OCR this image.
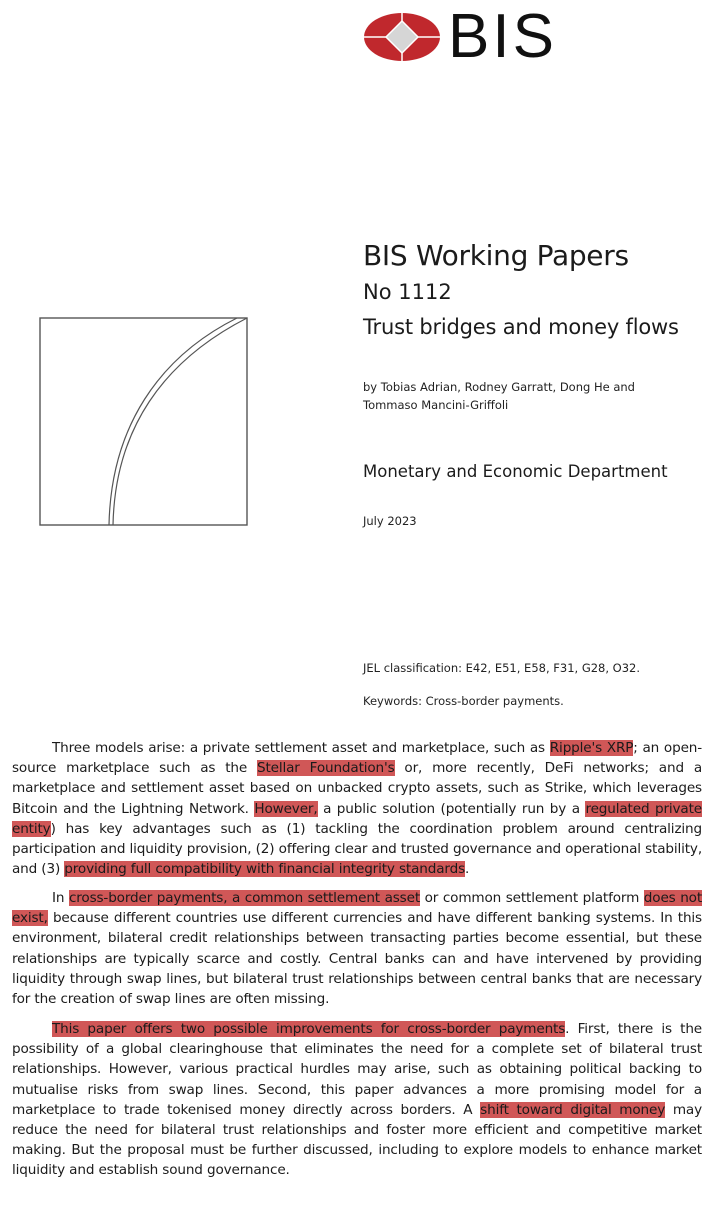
BIS
BIS Working Papers
No 1112
Trust bridges and money flows
by Tobias Adrian, Rodney Garratt, Dong He and
Tommaso Mancini-Griffoli
Monetary and Economic Department
July 2023
JEL classification: E42, E51, E58, F31, G28, O32.
Keywords: Cross-border payments.

Three models arise: a private settlement asset and marketplace, such as Ripple's XRP; an open-source marketplace such as the Stellar Foundation's or, more recently, DeFi networks; and a marketplace and settlement asset based on unbacked crypto assets, such as Strike, which leverages Bitcoin and the Lightning Network. However, a public solution (potentially run by a regulated private entity) has key advantages such as (1) tackling the coordination problem around centralizing participation and liquidity provision, (2) offering clear and trusted governance and operational stability, and (3) providing full compatibility with financial integrity standards.

In cross-border payments, a common settlement asset or common settlement platform does not exist, because different countries use different currencies and have different banking systems. In this environment, bilateral credit relationships between transacting parties become essential, but these relationships are typically scarce and costly. Central banks can and have intervened by providing liquidity through swap lines, but bilateral trust relationships between central banks that are necessary for the creation of swap lines are often missing.

This paper offers two possible improvements for cross-border payments. First, there is the possibility of a global clearinghouse that eliminates the need for a complete set of bilateral trust relationships. However, various practical hurdles may arise, such as obtaining political backing to mutualise risks from swap lines. Second, this paper advances a more promising model for a marketplace to trade tokenised money directly across borders. A shift toward digital money may reduce the need for bilateral trust relationships and foster more efficient and competitive market making. But the proposal must be further discussed, including to explore models to enhance market liquidity and establish sound governance.
